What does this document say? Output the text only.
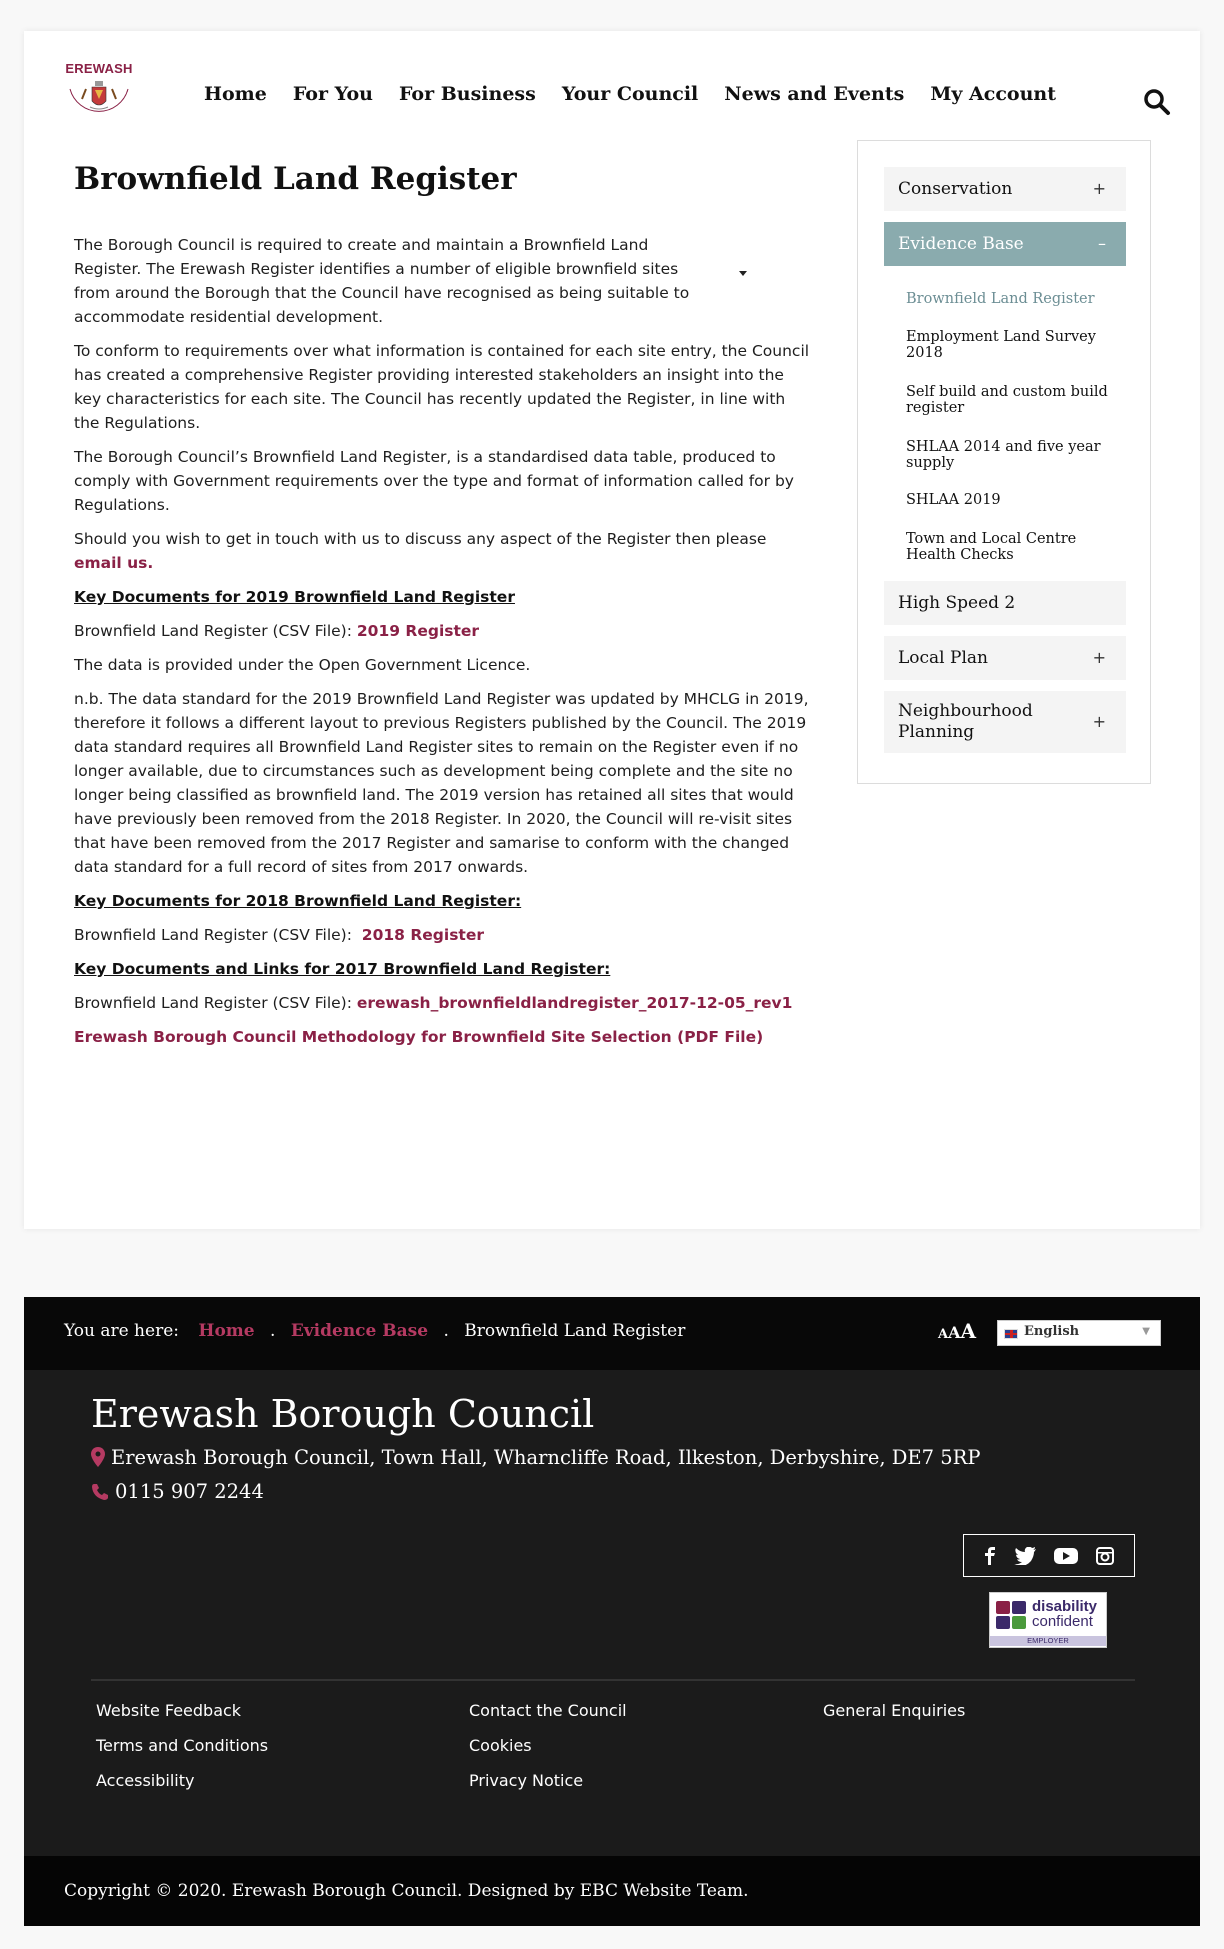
EREWASH
Home For You For Business Your Council News and Events My Account
Brownfield Land Register

The Borough Council is required to create and maintain a Brownfield Land Register. The Erewash Register identifies a number of eligible brownfield sites from around the Borough that the Council have recognised as being suitable to accommodate residential development.

To conform to requirements over what information is contained for each site entry, the Council has created a comprehensive Register providing interested stakeholders an insight into the key characteristics for each site. The Council has recently updated the Register, in line with the Regulations.

The Borough Council’s Brownfield Land Register, is a standardised data table, produced to comply with Government requirements over the type and format of information called for by Regulations.

Should you wish to get in touch with us to discuss any aspect of the Register then please email us.

Key Documents for 2019 Brownfield Land Register

Brownfield Land Register (CSV File): 2019 Register

The data is provided under the Open Government Licence.

n.b. The data standard for the 2019 Brownfield Land Register was updated by MHCLG in 2019, therefore it follows a different layout to previous Registers published by the Council. The 2019 data standard requires all Brownfield Land Register sites to remain on the Register even if no longer available, due to circumstances such as development being complete and the site no longer being classified as brownfield land. The 2019 version has retained all sites that would have previously been removed from the 2018 Register. In 2020, the Council will re-visit sites that have been removed from the 2017 Register and samarise to conform with the changed data standard for a full record of sites from 2017 onwards.

Key Documents for 2018 Brownfield Land Register:

Brownfield Land Register (CSV File): 2018 Register

Key Documents and Links for 2017 Brownfield Land Register:

Brownfield Land Register (CSV File): erewash_brownfieldlandregister_2017-12-05_rev1

Erewash Borough Council Methodology for Brownfield Site Selection (PDF File)

Conservation	+
Evidence Base	–
Brownfield Land Register
Employment Land Survey 2018
Self build and custom build register
SHLAA 2014 and five year supply
SHLAA 2019
Town and Local Centre Health Checks
High Speed 2
Local Plan	+
Neighbourhood Planning
+
You are here: Home . Evidence Base . Brownfield Land Register	AAA	English	▼
Erewash Borough Council
Erewash Borough Council, Town Hall, Wharncliffe Road, Ilkeston, Derbyshire, DE7 5RP
0115 907 2244
disability
confident
EMPLOYER
Website Feedback
Terms and Conditions
Accessibility
Contact the Council
Cookies
Privacy Notice
General Enquiries
Copyright © 2020. Erewash Borough Council. Designed by EBC Website Team.
